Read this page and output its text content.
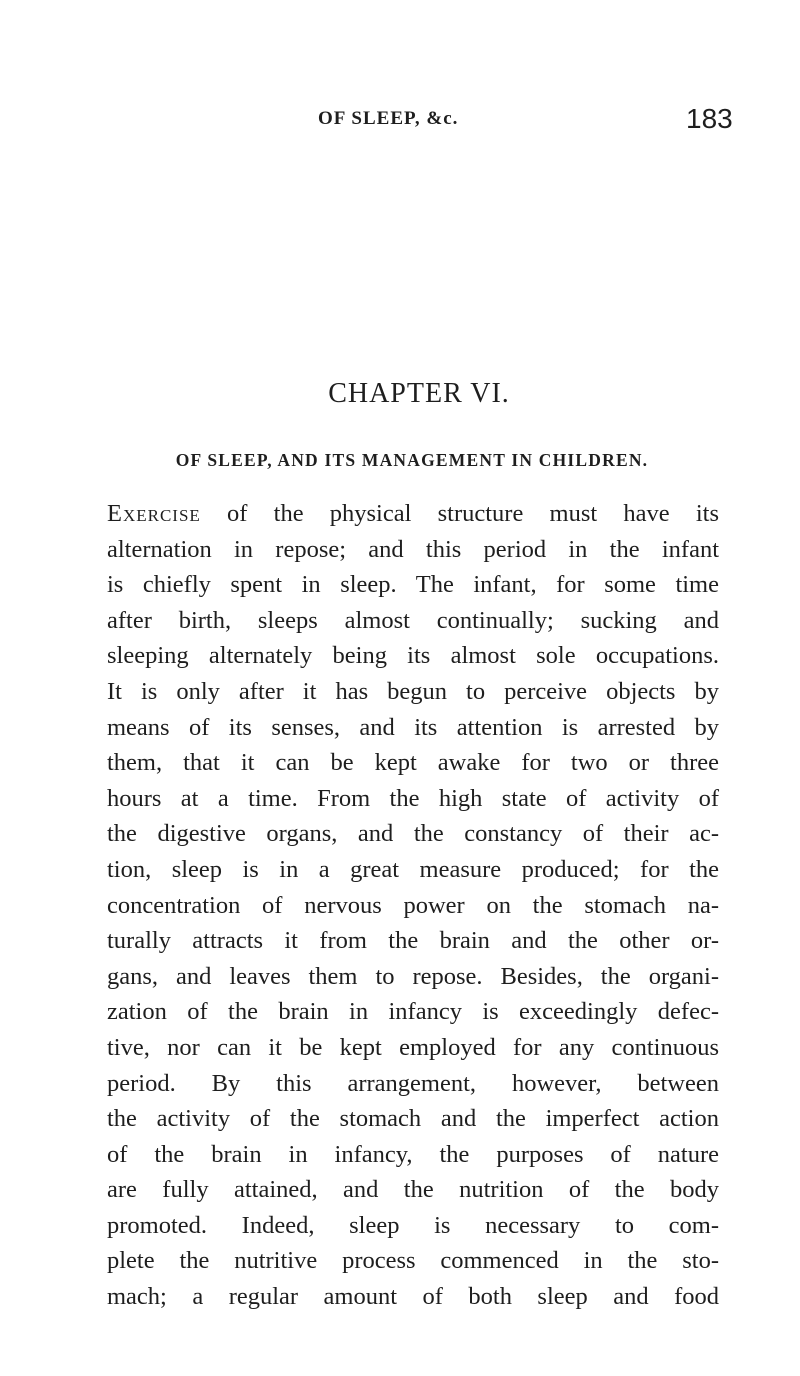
OF SLEEP, &c.	183
CHAPTER VI.
OF SLEEP, AND ITS MANAGEMENT IN CHILDREN.
Exercise of the physical structure must have its
alternation in repose; and this period in the infant
is chiefly spent in sleep. The infant, for some time
after birth, sleeps almost continually; sucking and
sleeping alternately being its almost sole occupations.
It is only after it has begun to perceive objects by
means of its senses, and its attention is arrested by
them, that it can be kept awake for two or three
hours at a time. From the high state of activity of
the digestive organs, and the constancy of their ac-
tion, sleep is in a great measure produced; for the
concentration of nervous power on the stomach na-
turally attracts it from the brain and the other or-
gans, and leaves them to repose. Besides, the organi-
zation of the brain in infancy is exceedingly defec-
tive, nor can it be kept employed for any continuous
period. By this arrangement, however, between
the activity of the stomach and the imperfect action
of the brain in infancy, the purposes of nature
are fully attained, and the nutrition of the body
promoted. Indeed, sleep is necessary to com-
plete the nutritive process commenced in the sto-
mach; a regular amount of both sleep and food
